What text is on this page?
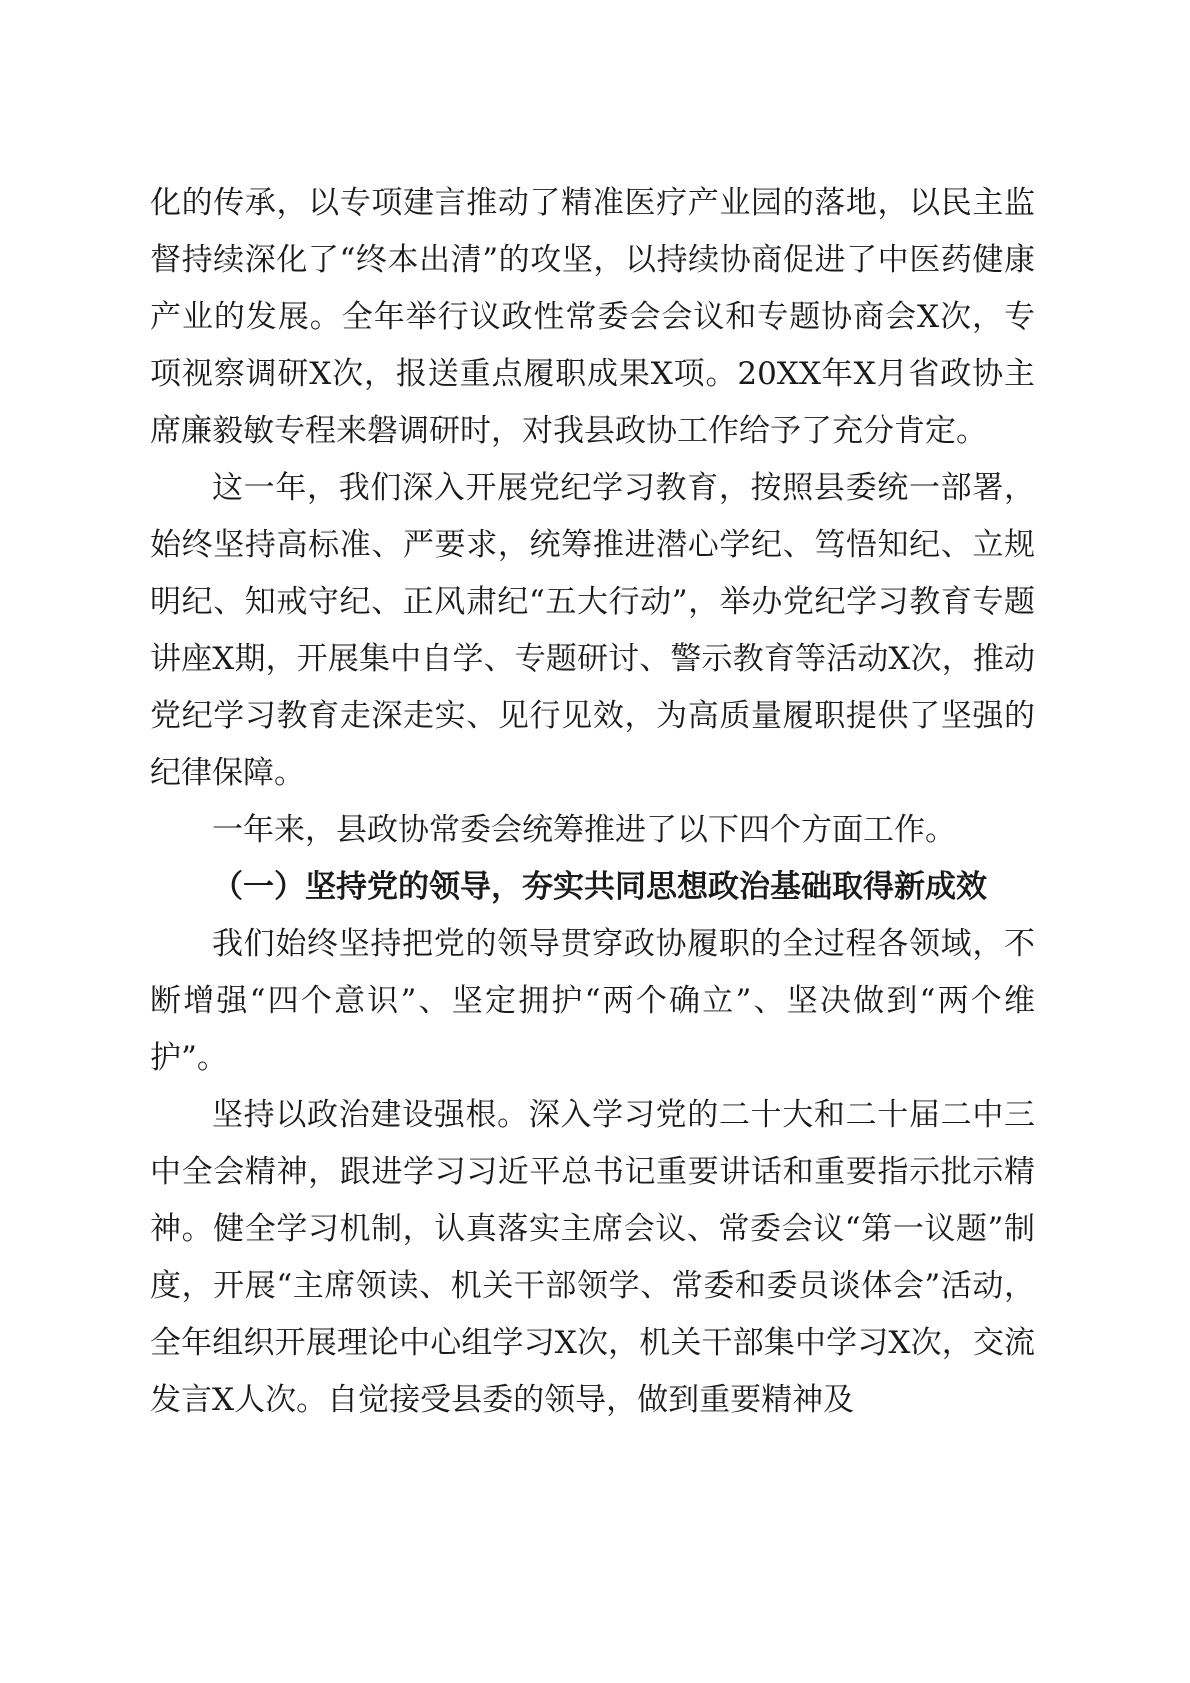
化的传承，以专项建言推动了精准医疗产业园的落地，以民主监督持续深化了“终本出清”的攻坚，以持续协商促进了中医药健康产业的发展。全年举行议政性常委会会议和专题协商会X次，专项视察调研X次，报送重点履职成果X项。20XX年X月省政协主席廉毅敏专程来磐调研时，对我县政协工作给予了充分肯定。

这一年，我们深入开展党纪学习教育，按照县委统一部署，始终坚持高标准、严要求，统筹推进潜心学纪、笃悟知纪、立规明纪、知戒守纪、正风肃纪“五大行动”，举办党纪学习教育专题讲座X期，开展集中自学、专题研讨、警示教育等活动X次，推动党纪学习教育走深走实、见行见效，为高质量履职提供了坚强的纪律保障。

一年来，县政协常委会统筹推进了以下四个方面工作。

（一）坚持党的领导，夯实共同思想政治基础取得新成效

我们始终坚持把党的领导贯穿政协履职的全过程各领域，不断增强“四个意识”、坚定拥护“两个确立”、坚决做到“两个维护”。

坚持以政治建设强根。深入学习党的二十大和二十届二中三中全会精神，跟进学习习近平总书记重要讲话和重要指示批示精神。健全学习机制，认真落实主席会议、常委会议“第一议题”制度，开展“主席领读、机关干部领学、常委和委员谈体会”活动，全年组织开展理论中心组学习X次，机关干部集中学习X次，交流发言X人次。自觉接受县委的领导，做到重要精神及
